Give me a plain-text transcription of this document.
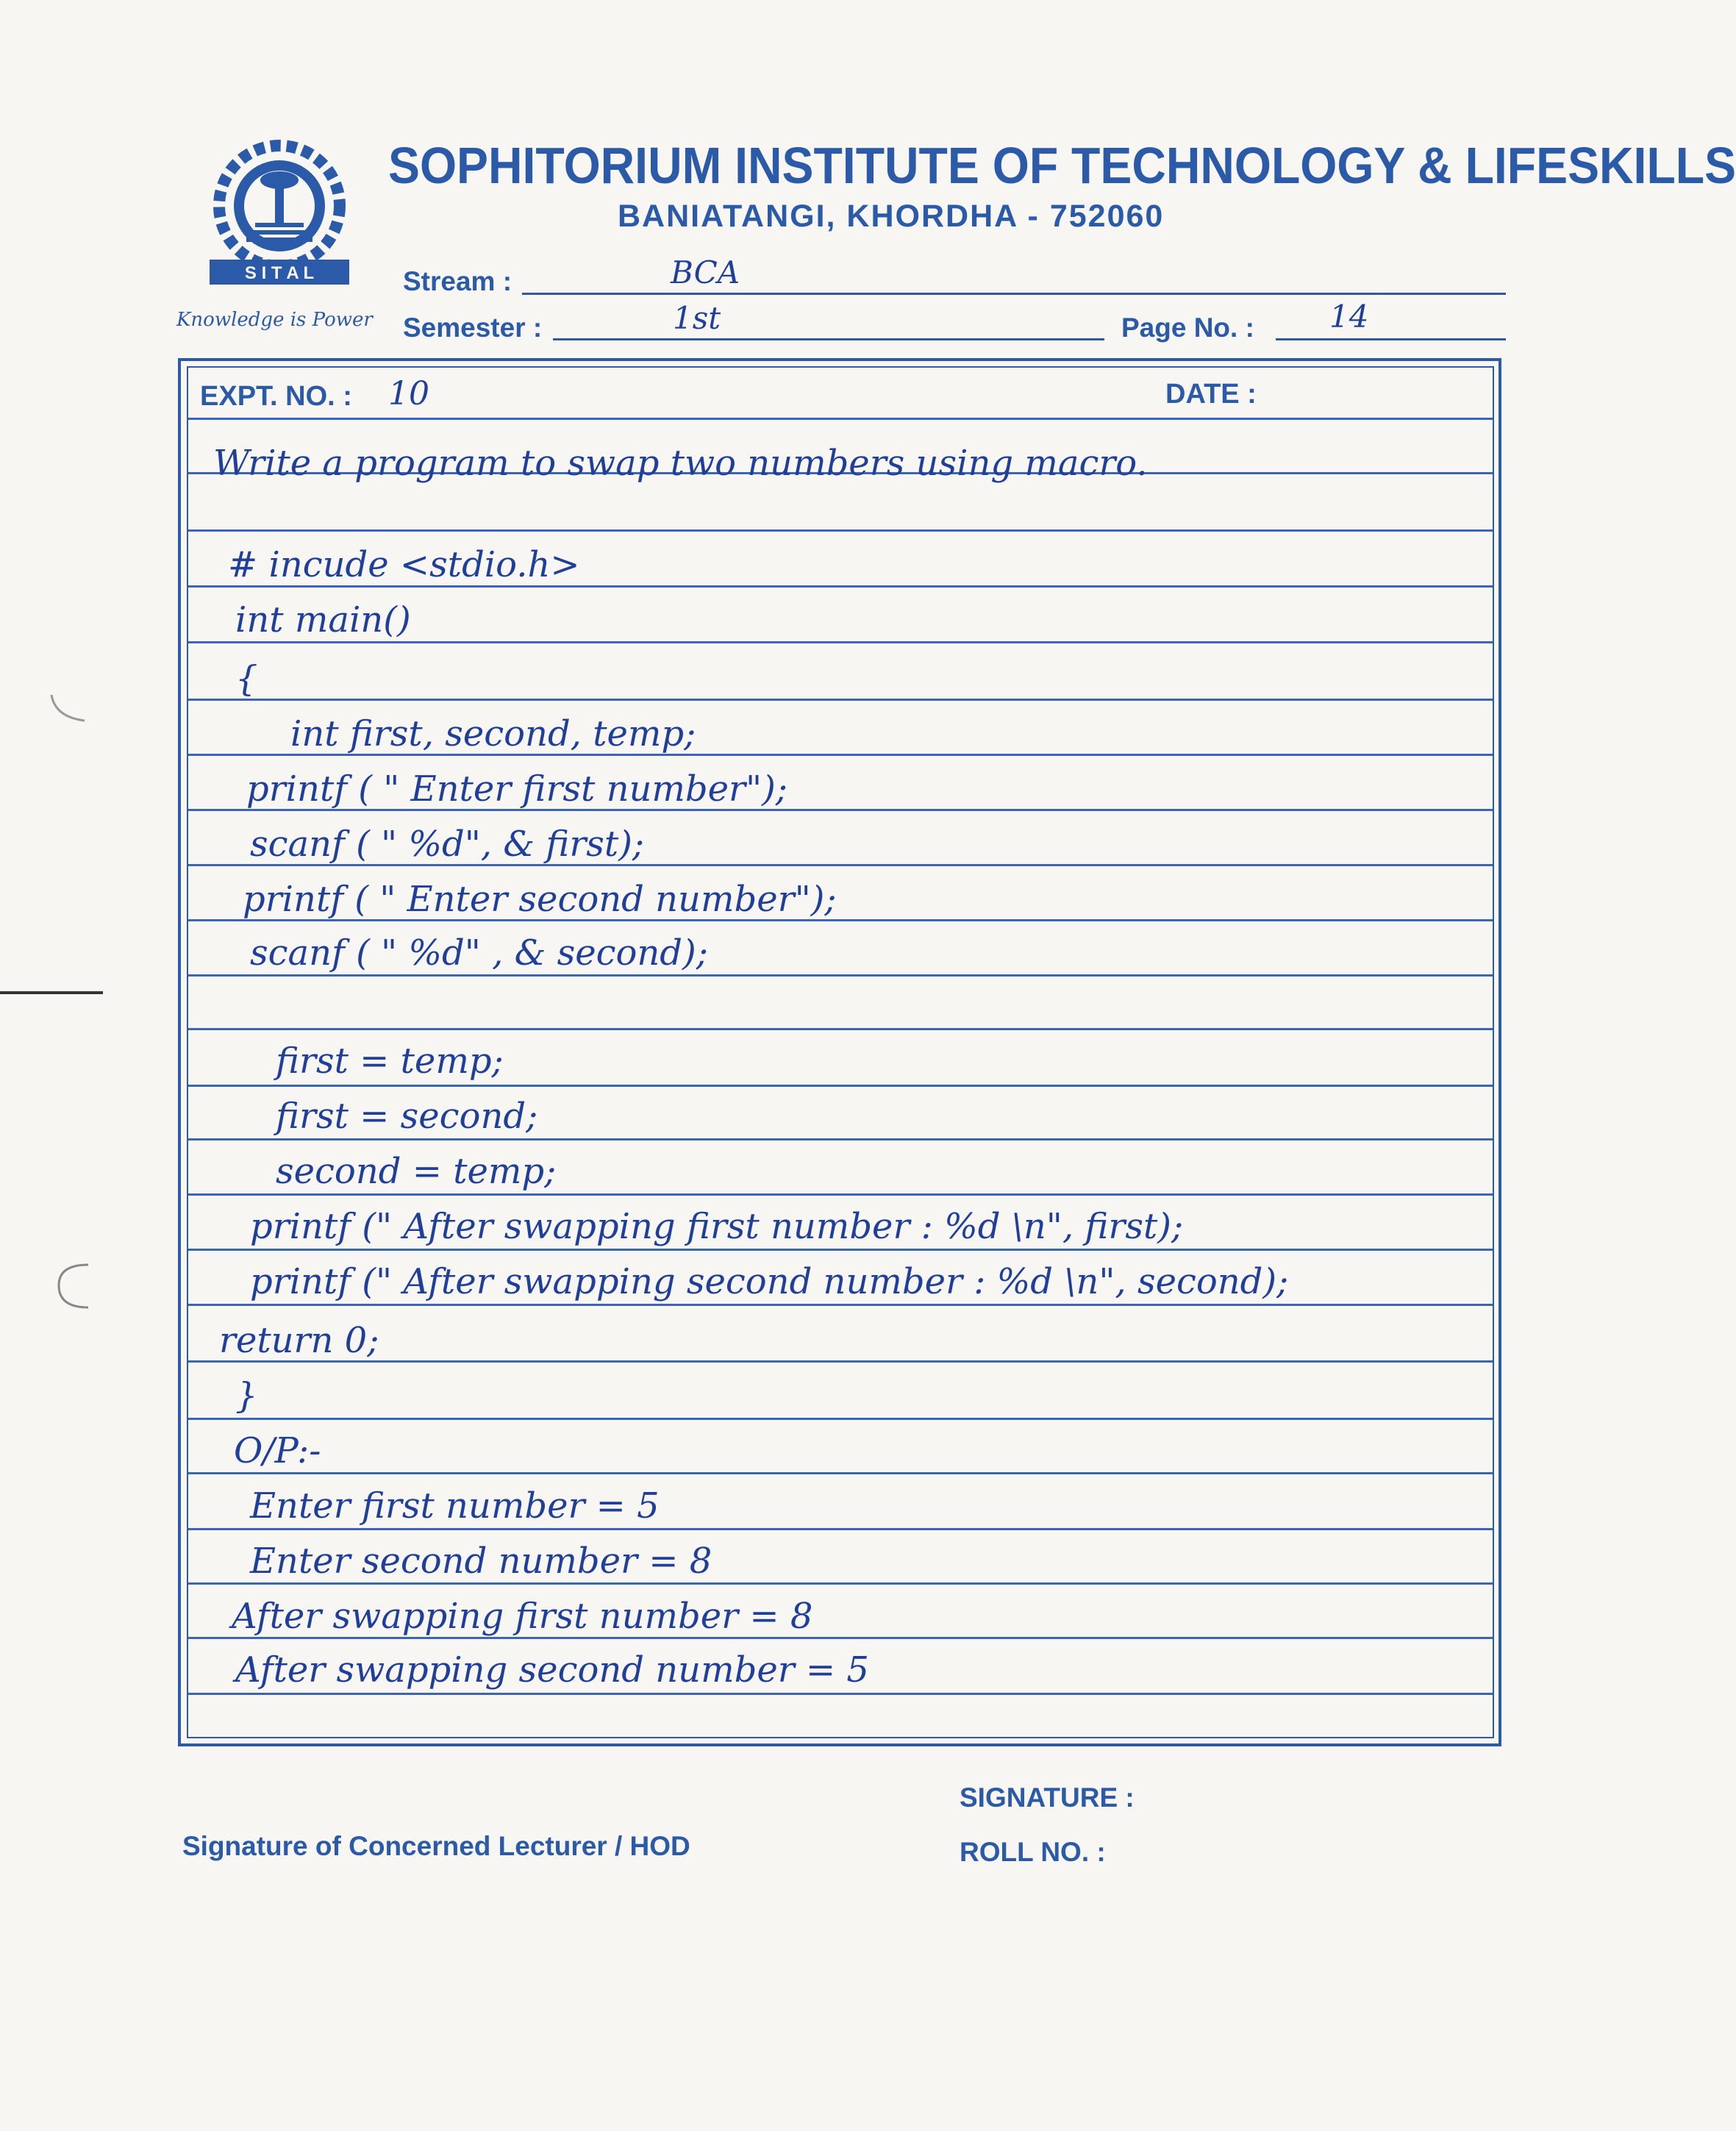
S I T A L
Knowledge is Power
SOPHITORIUM INSTITUTE OF TECHNOLOGY & LIFESKILLS
BANIATANGI, KHORDHA - 752060
Stream :	BCA
Semester :	1st	Page No. : 14
EXPT. NO. : 10	DATE :
Write a program to swap two numbers using macro.
# incude <stdio.h>
int main()
{
int first, second, temp;
printf ( " Enter first number");
scanf ( " %d", & first);
printf ( " Enter second number");
scanf ( " %d" , & second);
first = temp;
first = second;
second = temp;
printf (" After swapping first number : %d \n", first);
printf (" After swapping second number : %d \n", second);
return 0;
}
O/P:-
Enter first number = 5
Enter second number = 8
After swapping first number = 8
After swapping second number = 5
SIGNATURE :
ROLL NO. :
Signature of Concerned Lecturer / HOD
